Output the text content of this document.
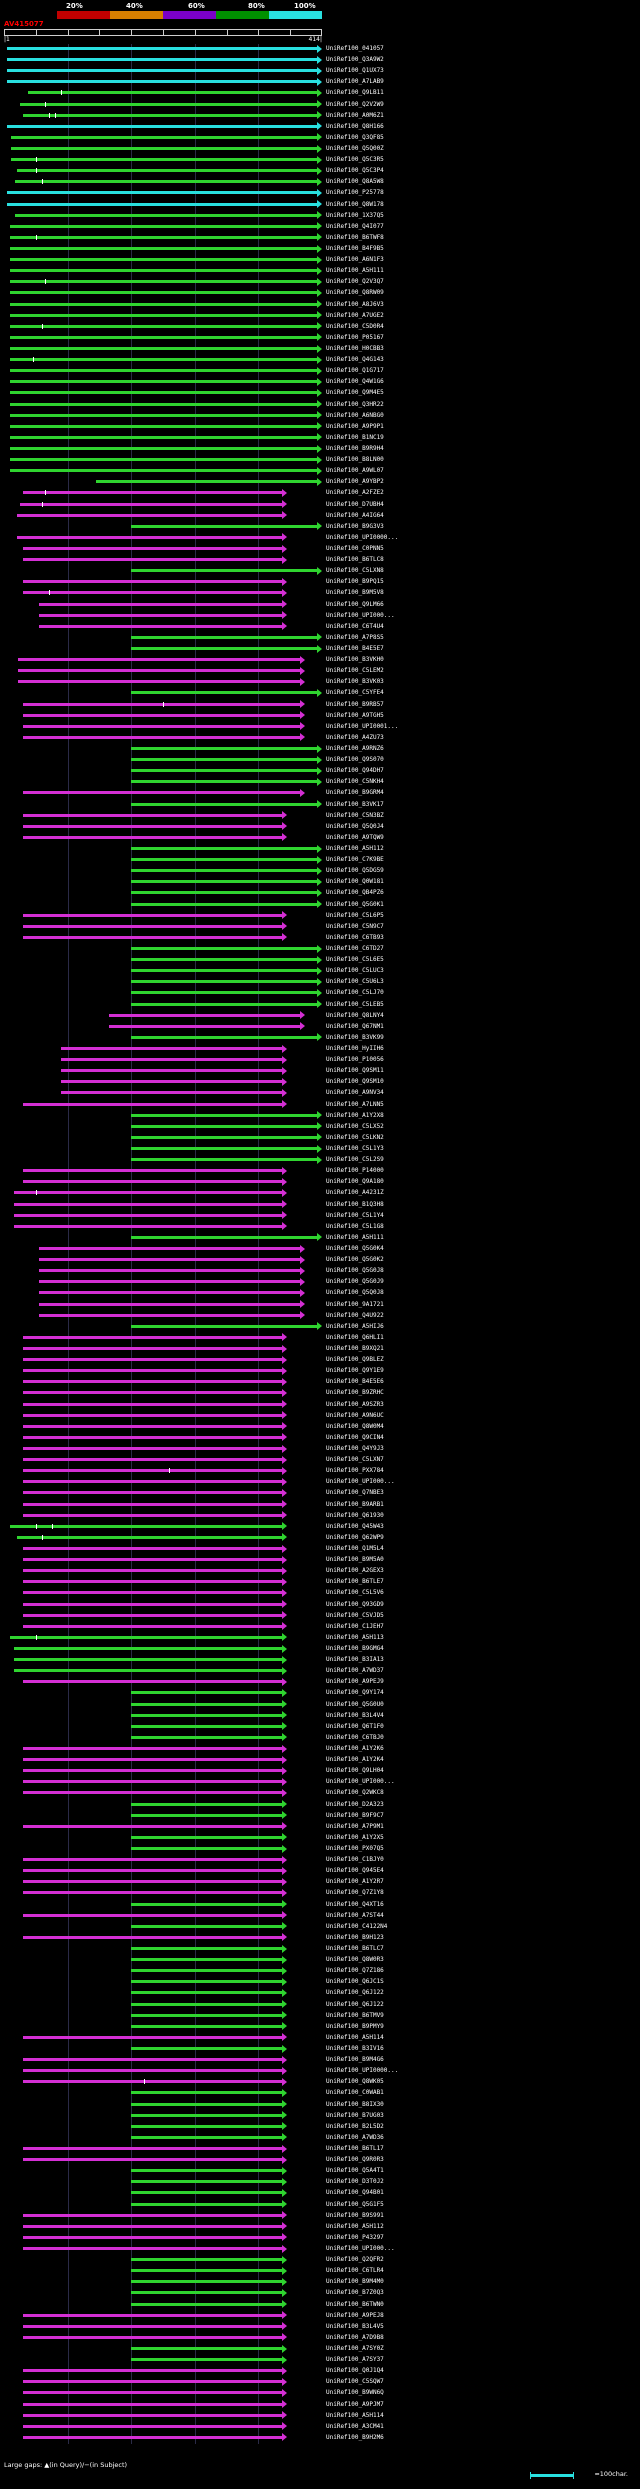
20%	40%	60%	80%	100%
AV415077
|1	414|
UniRef100_041057
UniRef100_Q3A9W2
UniRef100_Q1UX73
UniRef100_A7LAB9
UniRef100_Q9LB11
UniRef100_Q2V2W9
UniRef100_A0M6Z1
UniRef100_Q8H166
UniRef100_Q3QF85
UniRef100_Q5Q00Z
UniRef100_Q5C3R5
UniRef100_Q5C3P4
UniRef100_Q8A5W8
UniRef100_P25778
UniRef100_Q8W178
UniRef100_1X37Q5
UniRef100_Q4I077
UniRef100_B6TWF8
UniRef100_B4F9B5
UniRef100_A6N1F3
UniRef100_A5H111
UniRef100_Q2V3Q7
UniRef100_Q8RW09
UniRef100_A8J6V3
UniRef100_A7UGE2
UniRef100_C5D0R4
UniRef100_P05167
UniRef100_H0CBB3
UniRef100_Q4G143
UniRef100_Q1G717
UniRef100_Q4W1G6
UniRef100_Q9M4E5
UniRef100_Q3HR22
UniRef100_A6NBG0
UniRef100_A9P9P1
UniRef100_B1NC19
UniRef100_B9R9H4
UniRef100_B8LN00
UniRef100_A9WL07
UniRef100_A9YBP2
UniRef100_A2FZE2
UniRef100_D7UBH4
UniRef100_A4IG64
UniRef100_B9G3V3
UniRef100_UPI0000...
UniRef100_C0PNN5
UniRef100_B6TLC8
UniRef100_C5LXN8
UniRef100_B9PQ15
UniRef100_B9M5V8
UniRef100_Q9LM66
UniRef100_UPI000...
UniRef100_C6T4U4
UniRef100_A7P8S5
UniRef100_B4E5E7
UniRef100_B3VKH0
UniRef100_C5LEM2
UniRef100_B3VK03
UniRef100_C5YFE4
UniRef100_B9RB57
UniRef100_A9TGH5
UniRef100_UPI0001...
UniRef100_A4ZU73
UniRef100_A9RNZ6
UniRef100_Q9S070
UniRef100_Q94DH7
UniRef100_C5NKH4
UniRef100_B9GRM4
UniRef100_B3VK17
UniRef100_C5N3BZ
UniRef100_Q5Q0J4
UniRef100_A9TQW9
UniRef100_A5H112
UniRef100_C7K9BE
UniRef100_Q5DG59
UniRef100_Q0W181
UniRef100_QB4PZ6
UniRef100_Q5G0K1
UniRef100_C5L6P5
UniRef100_C5N9C7
UniRef100_C6TB93
UniRef100_C6TD27
UniRef100_C5L6E5
UniRef100_C5LUC3
UniRef100_C5U6L3
UniRef100_C5LJ70
UniRef100_C5LEB5
UniRef100_Q8LNY4
UniRef100_Q67NM1
UniRef100_B3VK99
UniRef100_HyIIH6
UniRef100_P10056
UniRef100_Q9SM11
UniRef100_Q9SM10
UniRef100_A9NV34
UniRef100_A7LNN5
UniRef100_A1Y2X8
UniRef100_C5LX52
UniRef100_C5LKN2
UniRef100_C5L1Y3
UniRef100_C5L2S9
UniRef100_P14000
UniRef100_Q9A180
UniRef100_A4231Z
UniRef100_B1Q3H8
UniRef100_C5L1Y4
UniRef100_C5L1G8
UniRef100_A5H111
UniRef100_Q5G0K4
UniRef100_Q5G0K2
UniRef100_Q5G0J8
UniRef100_Q5G0J9
UniRef100_Q5Q0J8
UniRef100_9A1721
UniRef100_Q4U922
UniRef100_A5HIJ6
UniRef100_Q6HLI1
UniRef100_B9XQ21
UniRef100_Q9BLEZ
UniRef100_Q9Y1E9
UniRef100_B4E5E6
UniRef100_B9ZRHC
UniRef100_A9SZR3
UniRef100_A9N6UC
UniRef100_Q8W0M4
UniRef100_Q9CIN4
UniRef100_Q4Y9J3
UniRef100_C5LXN7
UniRef100_PXX784
UniRef100_UPI000...
UniRef100_Q7NBE3
UniRef100_B9ARB1
UniRef100_Q61930
UniRef100_Q45W43
UniRef100_Q62WP9
UniRef100_Q1M5L4
UniRef100_B9M5A0
UniRef100_A2GEX3
UniRef100_B6TLE7
UniRef100_C5L5V6
UniRef100_Q93GD9
UniRef100_C5VJD5
UniRef100_C1JEH7
UniRef100_A5H113
UniRef100_B9GMG4
UniRef100_B3IA13
UniRef100_A7WD37
UniRef100_A9PEJ9
UniRef100_Q9Y174
UniRef100_Q5G0U0
UniRef100_B3L4V4
UniRef100_Q6T1F0
UniRef100_C6TBJ0
UniRef100_A1Y2K6
UniRef100_A1Y2K4
UniRef100_Q9LH04
UniRef100_UPI000...
UniRef100_Q2WKC8
UniRef100_D2A323
UniRef100_B9F9C7
UniRef100_A7P9M1
UniRef100_A1Y2X5
UniRef100_PX07Q5
UniRef100_C1BJY0
UniRef100_Q945E4
UniRef100_A1Y2R7
UniRef100_Q7Z1Y8
UniRef100_Q4XT16
UniRef100_A7ST44
UniRef100_C4122N4
UniRef100_B9H123
UniRef100_B6TLC7
UniRef100_Q8W0R3
UniRef100_Q7Z186
UniRef100_Q6JC1S
UniRef100_Q6J122
UniRef100_Q6J122
UniRef100_B6TMV9
UniRef100_B9PMY9
UniRef100_A5H114
UniRef100_B3IV16
UniRef100_B9M4G6
UniRef100_UPI0000...
UniRef100_Q8WK05
UniRef100_C0WAB1
UniRef100_B8IX30
UniRef100_B7UG03
UniRef100_B2L5D2
UniRef100_A7WD36
UniRef100_B6TL17
UniRef100_Q9R0R3
UniRef100_Q5A4T1
UniRef100_D3T0J2
UniRef100_Q94B01
UniRef100_Q5G1F5
UniRef100_B9S991
UniRef100_A5H112
UniRef100_P43297
UniRef100_UPI000...
UniRef100_Q2QFR2
UniRef100_C6TLR4
UniRef100_B9M4M0
UniRef100_B7Z0Q3
UniRef100_B6TWN0
UniRef100_A9PEJ8
UniRef100_B3L4V5
UniRef100_A7D9B8
UniRef100_A7SY0Z
UniRef100_A7SY37
UniRef100_Q0J1Q4
UniRef100_C5SQW7
UniRef100_B9WN6Q
UniRef100_A9PJM7
UniRef100_A5H114
UniRef100_A3CM41
UniRef100_B9H2M6
Large gaps: ▲(in Query)/−(in Subject)
≈100char.
